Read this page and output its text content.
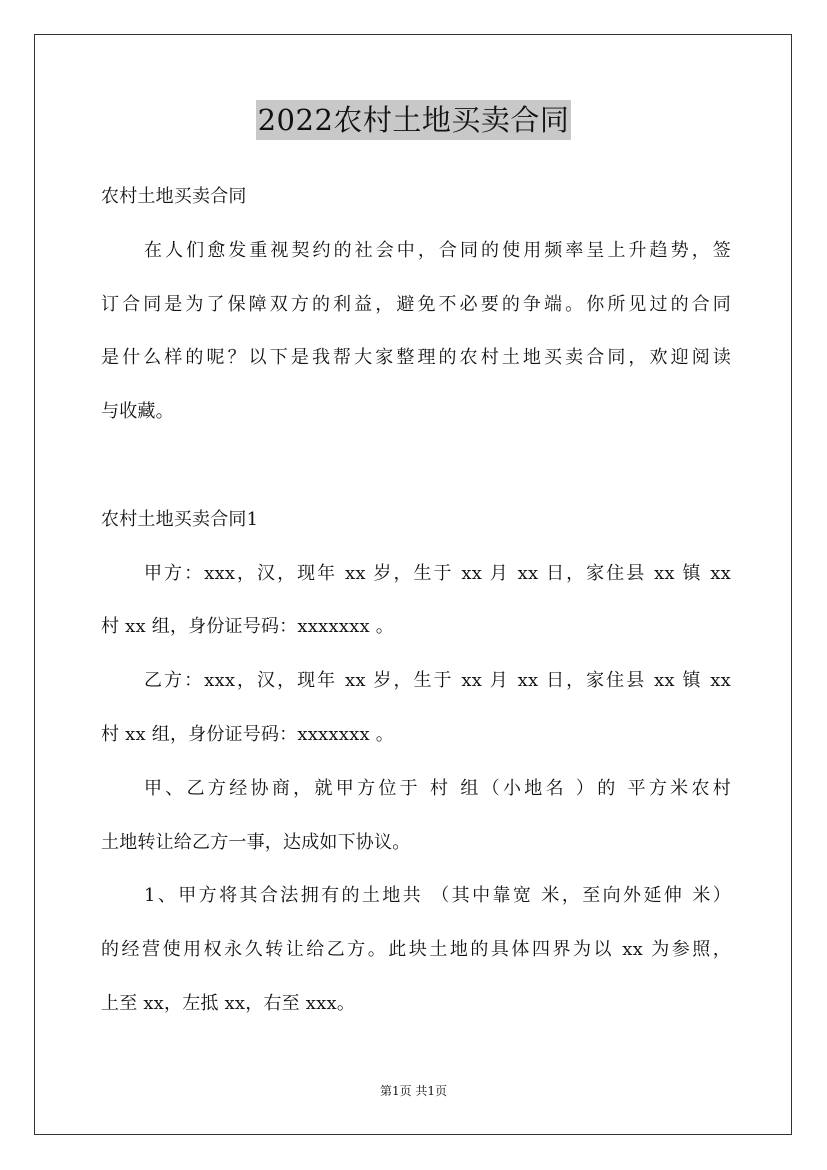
2022农村土地买卖合同
农村土地买卖合同
在人们愈发重视契约的社会中，合同的使用频率呈上升趋势，签
订合同是为了保障双方的利益，避免不必要的争端。你所见过的合同
是什么样的呢？以下是我帮大家整理的农村土地买卖合同，欢迎阅读
与收藏。
农村土地买卖合同1
甲方：xxx，汉，现年 xx 岁，生于 xx 月 xx 日，家住县 xx 镇 xx
村 xx 组，身份证号码：xxxxxxx 。
乙方：xxx，汉，现年 xx 岁，生于 xx 月 xx 日，家住县 xx 镇 xx
村 xx 组，身份证号码：xxxxxxx 。
甲、乙方经协商，就甲方位于 村 组（小地名 ）的 平方米农村
土地转让给乙方一事，达成如下协议。
1、甲方将其合法拥有的土地共 （其中靠宽 米，至向外延伸 米）
的经营使用权永久转让给乙方。此块土地的具体四界为以 xx 为参照，
上至 xx，左抵 xx，右至 xxx。
第1页 共1页
